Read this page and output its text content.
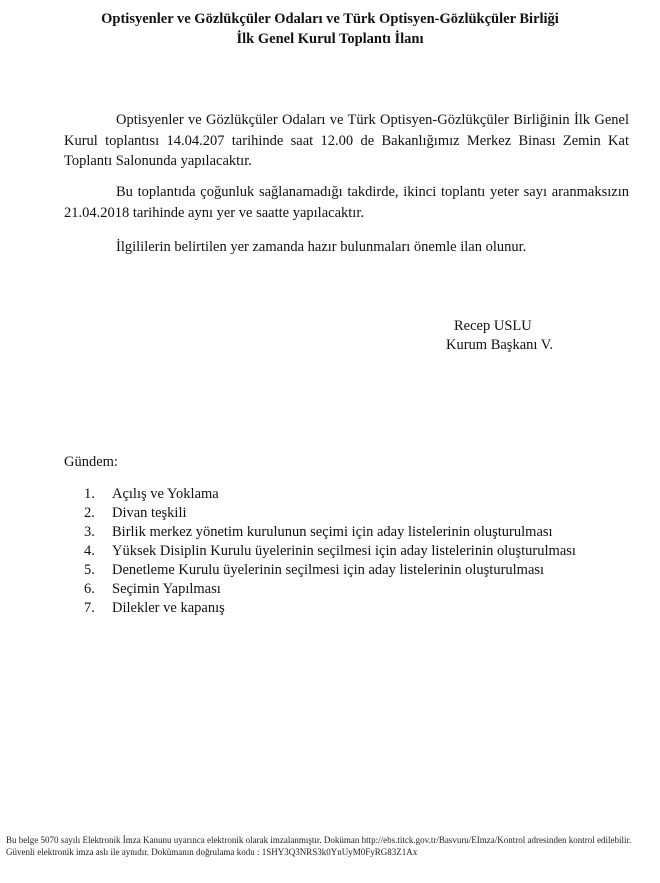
Optisyenler ve Gözlükçüler Odaları ve Türk Optisyen-Gözlükçüler Birliği
İlk Genel Kurul Toplantı İlanı

Optisyenler ve Gözlükçüler Odaları ve Türk Optisyen-Gözlükçüler Birliğinin İlk Genel Kurul toplantısı 14.04.207 tarihinde saat 12.00 de Bakanlığımız Merkez Binası Zemin Kat Toplantı Salonunda yapılacaktır.

Bu toplantıda çoğunluk sağlanamadığı takdirde, ikinci toplantı yeter sayı aranmaksızın 21.04.2018 tarihinde aynı yer ve saatte yapılacaktır.

İlgililerin belirtilen yer zamanda hazır bulunmaları önemle ilan olunur.

Recep USLU
Kurum Başkanı V.
Gündem:
1.	Açılış ve Yoklama
2.	Divan teşkili
3.	Birlik merkez yönetim kurulunun seçimi için aday listelerinin oluşturulması
4.	Yüksek Disiplin Kurulu üyelerinin seçilmesi için aday listelerinin oluşturulması
5.	Denetleme Kurulu üyelerinin seçilmesi için aday listelerinin oluşturulması
6.	Seçimin Yapılması
7.	Dilekler ve kapanış
Bu belge 5070 sayılı Elektronik İmza Kanunu uyarınca elektronik olarak imzalanmıştır. Doküman http://ebs.titck.gov.tr/Basvuru/EImza/Kontrol adresinden kontrol edilebilir. Güvenli elektronik imza aslı ile aynıdır. Dokümanın doğrulama kodu : 1SHY3Q3NRS3k0YnUyM0FyRG83Z1Ax
